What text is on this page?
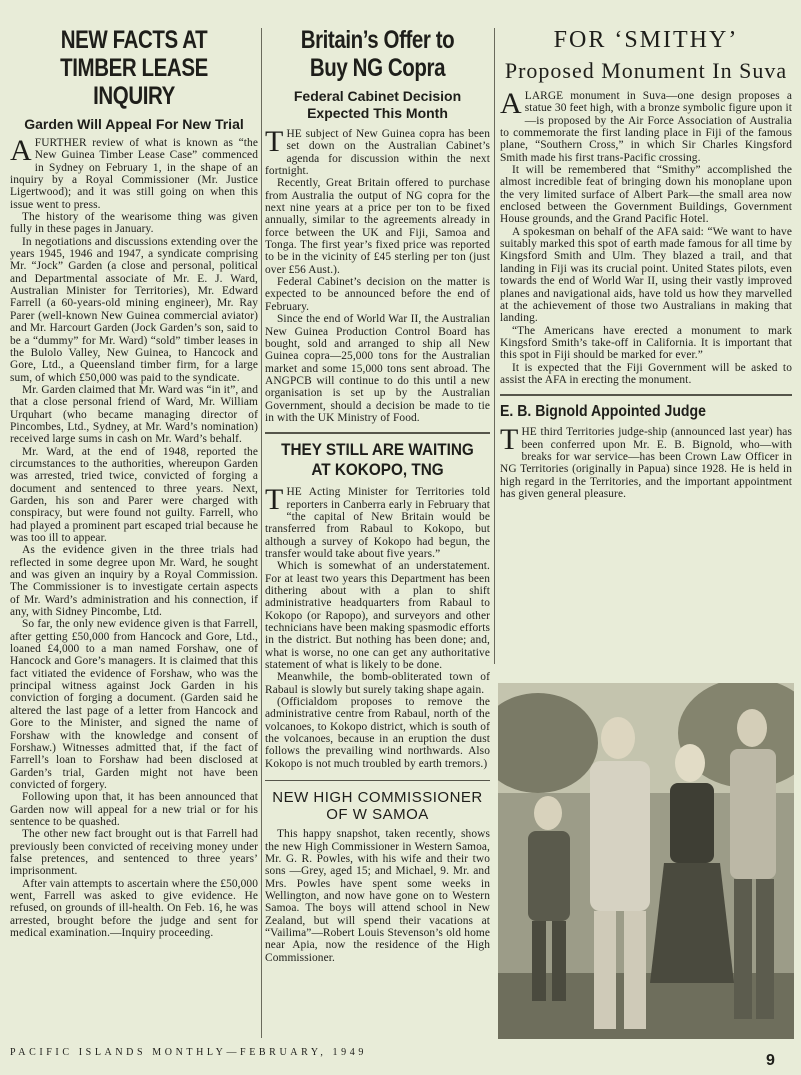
NEW FACTS AT TIMBER LEASE INQUIRY
Garden Will Appeal For New Trial

AFURTHER review of what is known as “the New Guinea Timber Lease Case” commenced in Sydney on February 1, in the shape of an inquiry by a Royal Commissioner (Mr. Justice Ligertwood); and it was still going on when this issue went to press.

The history of the wearisome thing was given fully in these pages in January.

In negotiations and discussions extending over the years 1945, 1946 and 1947, a syndicate comprising Mr. “Jock” Garden (a close and personal, political and Departmental associate of Mr. E. J. Ward, Australian Minister for Territories), Mr. Edward Farrell (a 60-years-old mining engineer), Mr. Ray Parer (well-known New Guinea commercial aviator) and Mr. Harcourt Garden (Jock Garden’s son, said to be a “dummy” for Mr. Ward) “sold” timber leases in the Bulolo Valley, New Guinea, to Hancock and Gore, Ltd., a Queensland timber firm, for a large sum, of which £50,000 was paid to the syndicate.

Mr. Garden claimed that Mr. Ward was “in it”, and that a close personal friend of Ward, Mr. William Urquhart (who became managing director of Pincombes, Ltd., Sydney, at Mr. Ward’s nomination) received large sums in cash on Mr. Ward’s behalf.

Mr. Ward, at the end of 1948, reported the circumstances to the authorities, whereupon Garden was arrested, tried twice, convicted of forging a document and sentenced to three years. Next, Garden, his son and Parer were charged with conspiracy, but were found not guilty. Farrell, who had played a prominent part escaped trial because he was too ill to appear.

As the evidence given in the three trials had reflected in some degree upon Mr. Ward, he sought and was given an inquiry by a Royal Commission. The Commissioner is to investigate certain aspects of Mr. Ward’s administration and his connection, if any, with Sidney Pincombe, Ltd.

So far, the only new evidence given is that Farrell, after getting £50,000 from Hancock and Gore, Ltd., loaned £4,000 to a man named Forshaw, one of Hancock and Gore’s managers. It is claimed that this fact vitiated the evidence of Forshaw, who was the principal witness against Jock Garden in his conviction of forging a document. (Garden said he altered the last page of a letter from Hancock and Gore to the Minister, and signed the name of Forshaw with the knowledge and consent of Forshaw.) Witnesses admitted that, if the fact of Farrell’s loan to Forshaw had been disclosed at Garden’s trial, Garden might not have been convicted of forgery.

Following upon that, it has been announced that Garden now will appeal for a new trial or for his sentence to be quashed.

The other new fact brought out is that Farrell had previously been convicted of receiving money under false pretences, and sentenced to three years’ imprisonment.

After vain attempts to ascertain where the £50,000 went, Farrell was asked to give evidence. He refused, on grounds of ill-health. On Feb. 16, he was arrested, brought before the judge and sent for medical examination.—Inquiry proceeding.

Britain’s Offer to Buy NG Copra
Federal Cabinet Decision Expected This Month

THE subject of New Guinea copra has been set down on the Australian Cabinet’s agenda for discussion within the next fortnight.

Recently, Great Britain offered to purchase from Australia the output of NG copra for the next nine years at a price per ton to be fixed annually, similar to the agreements already in force between the UK and Fiji, Samoa and Tonga. The first year’s fixed price was reported to be in the vicinity of £45 sterling per ton (just over £56 Aust.).

Federal Cabinet’s decision on the matter is expected to be announced before the end of February.

Since the end of World War II, the Australian New Guinea Production Control Board has bought, sold and arranged to ship all New Guinea copra—25,000 tons for the Australian market and some 15,000 tons sent abroad. The ANGPCB will continue to do this until a new organisation is set up by the Australian Government, should a decision be made to tie in with the UK Ministry of Food.

THEY STILL ARE WAITING AT KOKOPO, TNG

THE Acting Minister for Territories told reporters in Canberra early in February that “the capital of New Britain would be transferred from Rabaul to Kokopo, but although a survey of Kokopo had begun, the transfer would take about five years.”

Which is somewhat of an understatement. For at least two years this Department has been dithering about with a plan to shift administrative headquarters from Rabaul to Kokopo (or Rapopo), and surveyors and other technicians have been making spasmodic efforts in the district. But nothing has been done; and, what is worse, no one can get any authoritative statement of what is likely to be done.

Meanwhile, the bomb-obliterated town of Rabaul is slowly but surely taking shape again.

(Officialdom proposes to remove the administrative centre from Rabaul, north of the volcanoes, to Kokopo district, which is south of the volcanoes, because in an eruption the dust follows the prevailing wind northwards. Also Kokopo is not much troubled by earth tremors.)

NEW HIGH COMMISSIONER OF W SAMOA

This happy snapshot, taken recently, shows the new High Commissioner in Western Samoa, Mr. G. R. Powles, with his wife and their two sons —Grey, aged 15; and Michael, 9. Mr. and Mrs. Powles have spent some weeks in Wellington, and now have gone on to Western Samoa. The boys will attend school in New Zealand, but will spend their vacations at “Vailima”—Robert Louis Stevenson’s old home near Apia, now the residence of the High Commissioner.

FOR ‘SMITHY’
Proposed Monument In Suva

ALARGE monument in Suva—one design proposes a statue 30 feet high, with a bronze symbolic figure upon it—is proposed by the Air Force Association of Australia to commemorate the first landing place in Fiji of the famous plane, “Southern Cross,” in which Sir Charles Kingsford Smith made his first trans-Pacific crossing.

It will be remembered that “Smithy” accomplished the almost incredible feat of bringing down his monoplane upon the very limited surface of Albert Park—the small area now enclosed between the Government Buildings, Government House grounds, and the Grand Pacific Hotel.

A spokesman on behalf of the AFA said: “We want to have suitably marked this spot of earth made famous for all time by Kingsford Smith and Ulm. They blazed a trail, and that landing in Fiji was its crucial point. United States pilots, even towards the end of World War II, using their vastly improved planes and navigational aids, have told us how they marvelled at the achievement of those two Australians in making that landing.

“The Americans have erected a monument to mark Kingsford Smith’s take-off in California. It is important that this spot in Fiji should be marked for ever.”

It is expected that the Fiji Government will be asked to assist the AFA in erecting the monument.

E. B. Bignold Appointed Judge

THE third Territories judge-ship (announced last year) has been conferred upon Mr. E. B. Bignold, who—with breaks for war service—has been Crown Law Officer in NG Territories (originally in Papua) since 1928. He is held in high regard in the Territories, and the important appointment has given general pleasure.

PACIFIC ISLANDS MONTHLY—FEBRUARY, 1949	9
